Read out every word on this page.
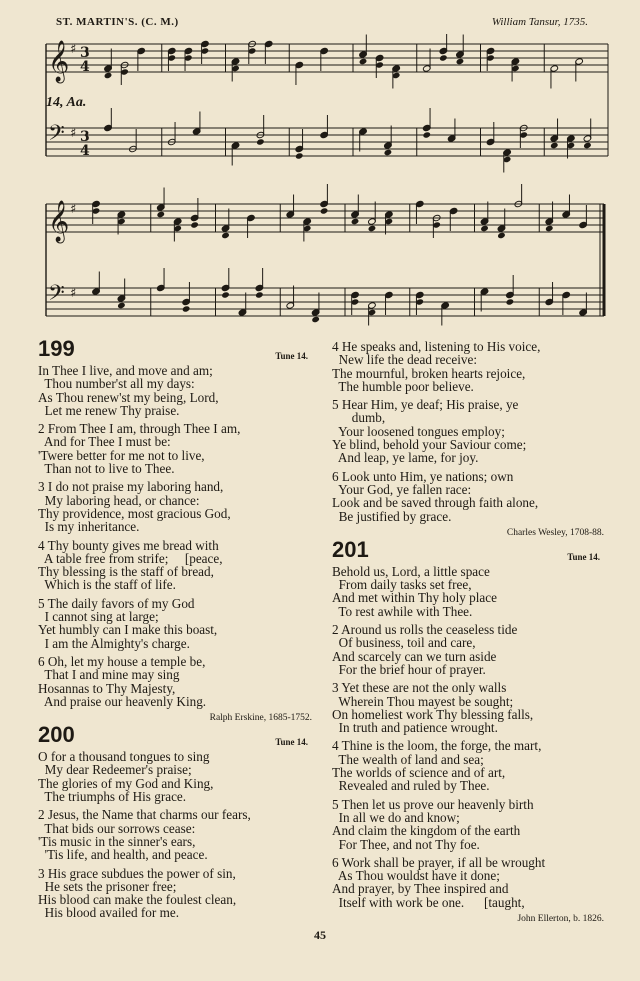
ST. MARTIN'S. (C. M.)	William Tansur, 1735.
14, Aa.
𝄞 ♯ 3
4
𝄢 ♯ 3
4
𝄞 ♯
𝄢 ♯
199	Tune 14.
In Thee I live, and move and am;
Thou number'st all my days:
As Thou renew'st my being, Lord,
Let me renew Thy praise.
2 From Thee I am, through Thee I am,
And for Thee I must be:
'Twere better for me not to live,
Than not to live to Thee.
3 I do not praise my laboring hand,
My laboring head, or chance:
Thy providence, most gracious God,
Is my inheritance.
4 Thy bounty gives me bread with
A table free from strife;     [peace,
Thy blessing is the staff of bread,
Which is the staff of life.
5 The daily favors of my God
I cannot sing at large;
Yet humbly can I make this boast,
I am the Almighty's charge.
6 Oh, let my house a temple be,
That I and mine may sing
Hosannas to Thy Majesty,
And praise our heavenly King.
Ralph Erskine, 1685-1752.
200	Tune 14.
O for a thousand tongues to sing
My dear Redeemer's praise;
The glories of my God and King,
The triumphs of His grace.
2 Jesus, the Name that charms our fears,
That bids our sorrows cease:
'Tis music in the sinner's ears,
'Tis life, and health, and peace.
3 His grace subdues the power of sin,
He sets the prisoner free;
His blood can make the foulest clean,
His blood availed for me.
4 He speaks and, listening to His voice,
New life the dead receive:
The mournful, broken hearts rejoice,
The humble poor believe.
5 Hear Him, ye deaf; His praise, ye
dumb,
Your loosened tongues employ;
Ye blind, behold your Saviour come;
And leap, ye lame, for joy.
6 Look unto Him, ye nations; own
Your God, ye fallen race:
Look and be saved through faith alone,
Be justified by grace.
Charles Wesley, 1708-88.
201	Tune 14.
Behold us, Lord, a little space
From daily tasks set free,
And met within Thy holy place
To rest awhile with Thee.
2 Around us rolls the ceaseless tide
Of business, toil and care,
And scarcely can we turn aside
For the brief hour of prayer.
3 Yet these are not the only walls
Wherein Thou mayest be sought;
On homeliest work Thy blessing falls,
In truth and patience wrought.
4 Thine is the loom, the forge, the mart,
The wealth of land and sea;
The worlds of science and of art,
Revealed and ruled by Thee.
5 Then let us prove our heavenly birth
In all we do and know;
And claim the kingdom of the earth
For Thee, and not Thy foe.
6 Work shall be prayer, if all be wrought
As Thou wouldst have it done;
And prayer, by Thee inspired and
Itself with work be one.      [taught,
John Ellerton, b. 1826.
45
